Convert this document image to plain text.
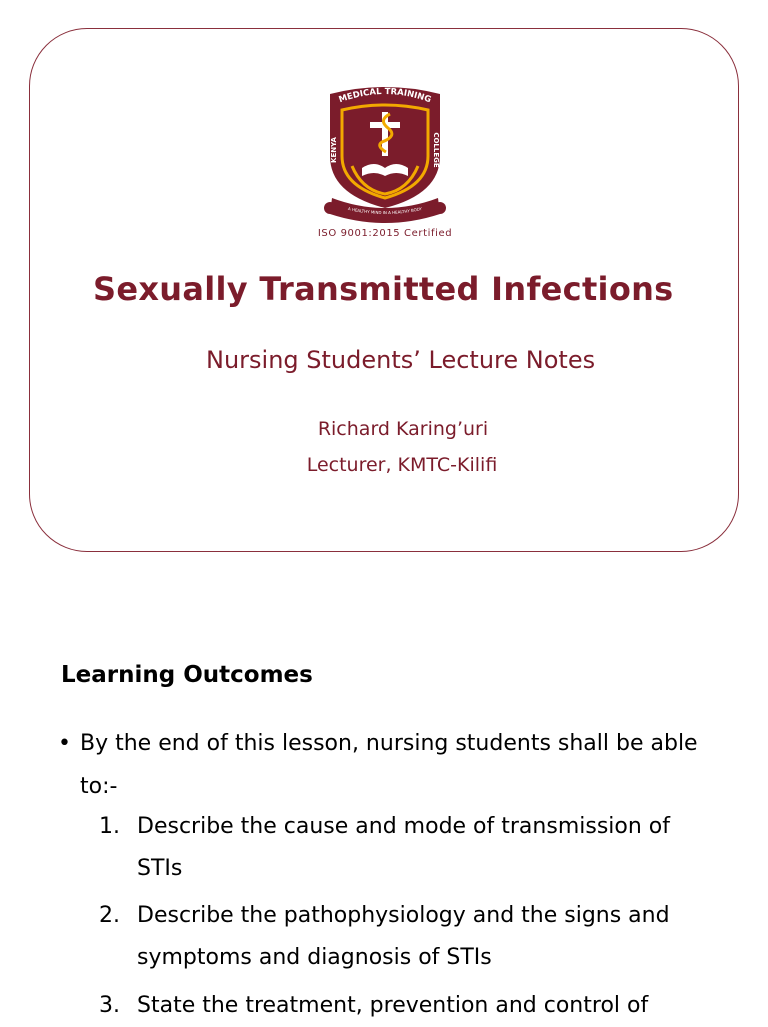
MEDICAL TRAINING
KENYA	COLLEGE
A HEALTHY MIND IN A HEALTHY BODY
ISO 9001:2015 Certified
Sexually Transmitted Infections
Nursing Students’ Lecture Notes
Richard Karing’uri
Lecturer, KMTC-Kilifi
Learning Outcomes
• By the end of this lesson, nursing students shall be able to:-
1. Describe the cause and mode of transmission of STIs
2. Describe the pathophysiology and the signs and symptoms and diagnosis of STIs
3. State the treatment, prevention and control of
